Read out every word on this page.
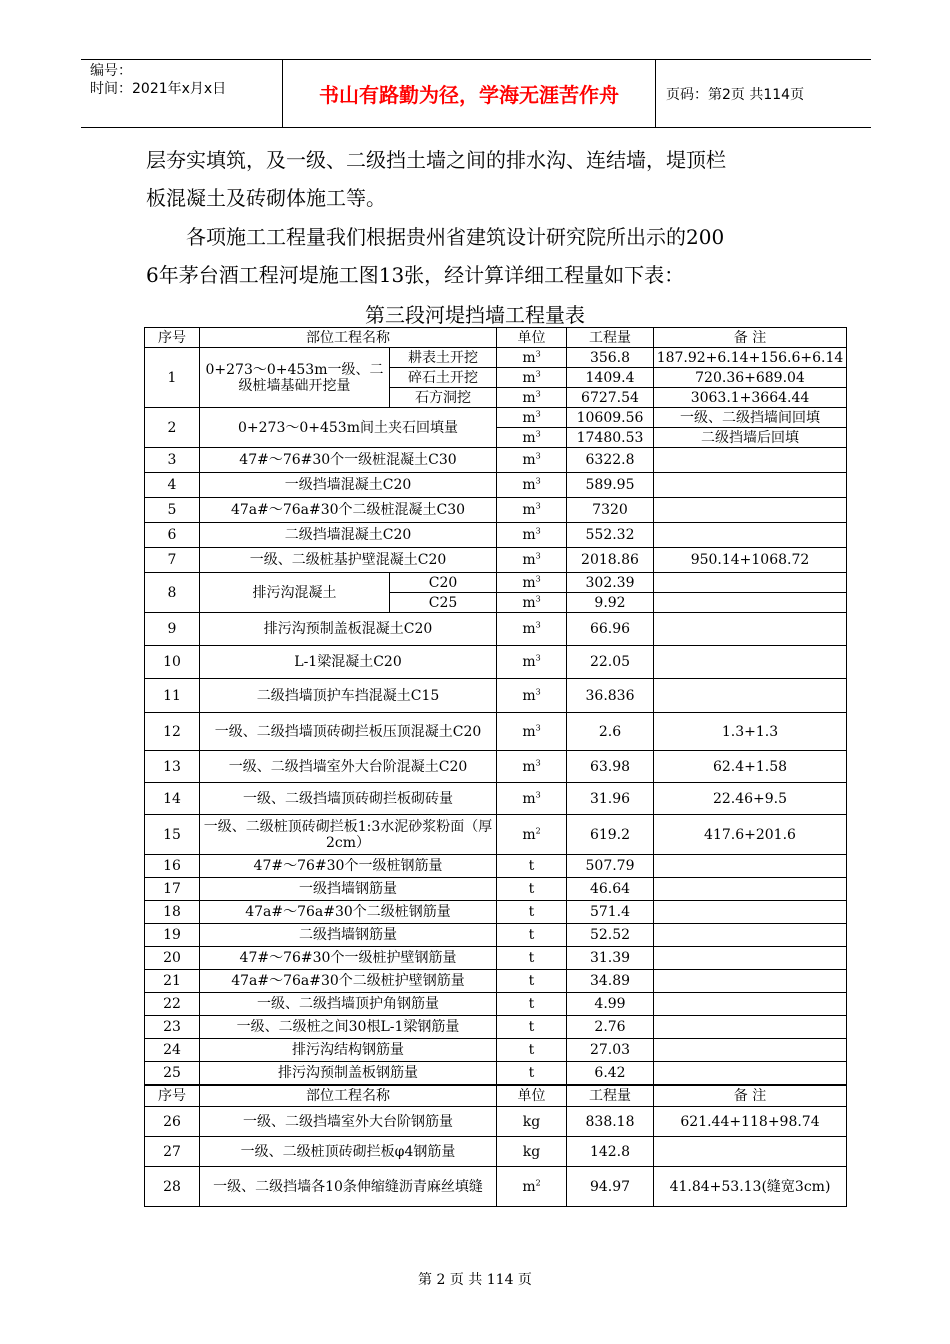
编号：
时间：2021年x月x日	书山有路勤为径，学海无涯苦作舟	页码：第2页 共114页
层夯实填筑，及一级、二级挡土墙之间的排水沟、连结墙，堤顶栏
板混凝土及砖砌体施工等。
各项施工工程量我们根据贵州省建筑设计研究院所出示的200
6年茅台酒工程河堤施工图13张，经计算详细工程量如下表：
第三段河堤挡墙工程量表
序号	部位工程名称		单位	工程量	备 注
1	0+273～0+453m一级、二级桩墙基础开挖量	耕表土开挖	$m^3$	356.8	187.92+6.14+156.6+6.14
		碎石土开挖	$m^3$	1409.4	720.36+689.04
		石方洞挖	$m^3$	6727.54	3063.1+3664.44
2	0+273～0+453m间土夹石回填量		$m^3$	10609.56	一级、二级挡墙间回填
			$m^3$	17480.53	二级挡墙后回填
3	47#～76#30个一级桩混凝土C30		$m^3$	6322.8	
4	一级挡墙混凝土C20		$m^3$	589.95	
5	47a#～76a#30个二级桩混凝土C30		$m^3$	7320	
6	二级挡墙混凝土C20		$m^3$	552.32	
7	一级、二级桩基护壁混凝土C20		$m^3$	2018.86	950.14+1068.72
8	排污沟混凝土	C20	$m^3$	302.39	
		C25	$m^3$	9.92	
9	排污沟预制盖板混凝土C20		$m^3$	66.96	
10	L-1梁混凝土C20		$m^3$	22.05	
11	二级挡墙顶护车挡混凝土C15		$m^3$	36.836	
12	一级、二级挡墙顶砖砌拦板压顶混凝土C20		$m^3$	2.6	1.3+1.3
13	一级、二级挡墙室外大台阶混凝土C20		$m^3$	63.98	62.4+1.58
14	一级、二级挡墙顶砖砌拦板砌砖量		$m^3$	31.96	22.46+9.5
15	一级、二级桩顶砖砌拦板1:3水泥砂浆粉面（厚2cm）		$m^2$	619.2	417.6+201.6
16	47#～76#30个一级桩钢筋量		t	507.79	
17	一级挡墙钢筋量		t	46.64	
18	47a#～76a#30个二级桩钢筋量		t	571.4	
19	二级挡墙钢筋量		t	52.52	
20	47#～76#30个一级桩护壁钢筋量		t	31.39	
21	47a#～76a#30个二级桩护壁钢筋量		t	34.89	
22	一级、二级挡墙顶护角钢筋量		t	4.99	
23	一级、二级桩之间30根L-1梁钢筋量		t	2.76	
24	排污沟结构钢筋量		t	27.03	
25	排污沟预制盖板钢筋量		t	6.42	
序号	部位工程名称		单位	工程量	备 注
26	一级、二级挡墙室外大台阶钢筋量		kg	838.18	621.44+118+98.74
27	一级、二级桩顶砖砌拦板φ4钢筋量		kg	142.8	
28	一级、二级挡墙各10条伸缩缝沥青麻丝填缝		$m^2$	94.97	41.84+53.13(缝宽3cm)
第 2 页 共 114 页
